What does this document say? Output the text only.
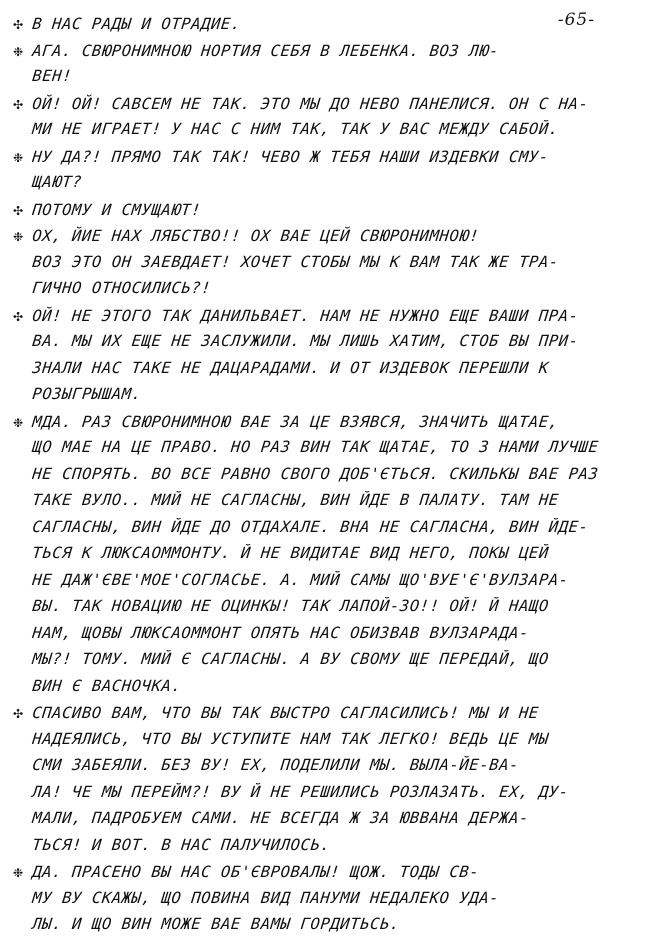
-65-
✣ В НАС РАДЫ И ОТРАДИЕ.
❉ АГА. СВЮРОНИМНОЮ НОРТИЯ СЕБЯ В ЛЕБЕНКА. ВОЗ ЛЮ-
ВЕН!
✣ ОЙ! ОЙ! САВСЕМ НЕ ТАК. ЭТО МЫ ДО НЕВО ПАНЕЛИСЯ. ОН С НА-
МИ НЕ ИГРАЕТ! У НАС С НИМ ТАК, ТАК У ВАС МЕЖДУ САБОЙ.
❉ НУ ДА?! ПРЯМО ТАК ТАК! ЧЕВО Ж ТЕБЯ НАШИ ИЗДЕВКИ СМУ-
ЩАЮТ?
✣ ПОТОМУ И СМУЩАЮТ!
❉ ОХ, ЙИЕ НАХ ЛЯБСТВО!! ОХ ВАЕ ЦЕЙ СВЮРОНИМНОЮ!
ВОЗ ЭТО ОН ЗАЕВДАЕТ! ХОЧЕТ СТОБЫ МЫ К ВАМ ТАК ЖЕ ТРА-
ГИЧНО ОТНОСИЛИСЬ?!
✣ ОЙ! НЕ ЭТОГО ТАК ДАНИЛЬВАЕТ. НАМ НЕ НУЖНО ЕЩЕ ВАШИ ПРА-
ВА. МЫ ИХ ЕЩЕ НЕ ЗАСЛУЖИЛИ. МЫ ЛИШЬ ХАТИМ, СТОБ ВЫ ПРИ-
ЗНАЛИ НАС ТАКЕ НЕ ДАЦАРАДАМИ. И ОТ ИЗДЕВОК ПЕРЕШЛИ К
РОЗЫГРЫШАМ.
❉ МДА. РАЗ СВЮРОНИМНОЮ ВАЕ ЗА ЦЕ ВЗЯВСЯ, ЗНАЧИТЬ ЩАТАЕ,
ЩО МАЕ НА ЦЕ ПРАВО. НО РАЗ ВИН ТАК ЩАТАЕ, ТО З НАМИ ЛУЧШЕ
НЕ СПОРЯТЬ. ВО ВСЕ РАВНО СВОГО ДОБ'ЄТЬСЯ. СКИЛЬКЫ ВАЕ РАЗ
ТАКЕ ВУЛО.. МИЙ НЕ САГЛАСНЫ, ВИН ЙДЕ В ПАЛАТУ. ТАМ НЕ
САГЛАСНЫ, ВИН ЙДЕ ДО ОТДАХАЛЕ. ВНА НЕ САГЛАСНА, ВИН ЙДЕ-
ТЬСЯ К ЛЮКСАОММОНТУ. Й НЕ ВИДИТАЕ ВИД НЕГО, ПОКЫ ЦЕЙ
НЕ ДАЖ'ЄВЕ'МОЕ'СОГЛАСЬЕ. А. МИЙ САМЫ ЩО'ВУЕ'Є'ВУЛЗАРА-
ВЫ. ТАК НОВАЦИЮ НЕ ОЦИНКЫ! ТАК ЛАПОЙ-ЗО!! ОЙ! Й НАЩО
НАМ, ЩОВЫ ЛЮКСАОММОНТ ОПЯТЬ НАС ОБИЗВАВ ВУЛЗАРАДА-
МЫ?! ТОМУ. МИЙ Є САГЛАСНЫ. А ВУ СВОМУ ЩЕ ПЕРЕДАЙ, ЩО
ВИН Є ВАСНОЧКА.
✣ СПАСИВО ВАМ, ЧТО ВЫ ТАК ВЫСТРО САГЛАСИЛИСЬ! МЫ И НЕ
НАДЕЯЛИСЬ, ЧТО ВЫ УСТУПИТЕ НАМ ТАК ЛЕГКО! ВЕДЬ ЦЕ МЫ
СМИ ЗАБЕЯЛИ. БЕЗ ВУ! ЕХ, ПОДЕЛИЛИ МЫ. ВЫЛА-ЙЕ-ВА-
ЛА! ЧЕ МЫ ПЕРЕЙМ?! ВУ Й НЕ РЕШИЛИСЬ РОЗЛАЗАТЬ. ЕХ, ДУ-
МАЛИ, ПАДРОБУЕМ САМИ. НЕ ВСЕГДА Ж ЗА ЮВВАНА ДЕРЖА-
ТЬСЯ! И ВОТ. В НАС ПАЛУЧИЛОСЬ.
❉ ДА. ПРАСЕНО ВЫ НАС ОБ'ЄВРОВАЛЫ! ЩОЖ. ТОДЫ СВ-
МУ ВУ СКАЖЫ, ЩО ПОВИНА ВИД ПАНУМИ НЕДАЛЕКО УДА-
ЛЫ. И ЩО ВИН МОЖЕ ВАЕ ВАМЫ ГОРДИТЬСЬ.
